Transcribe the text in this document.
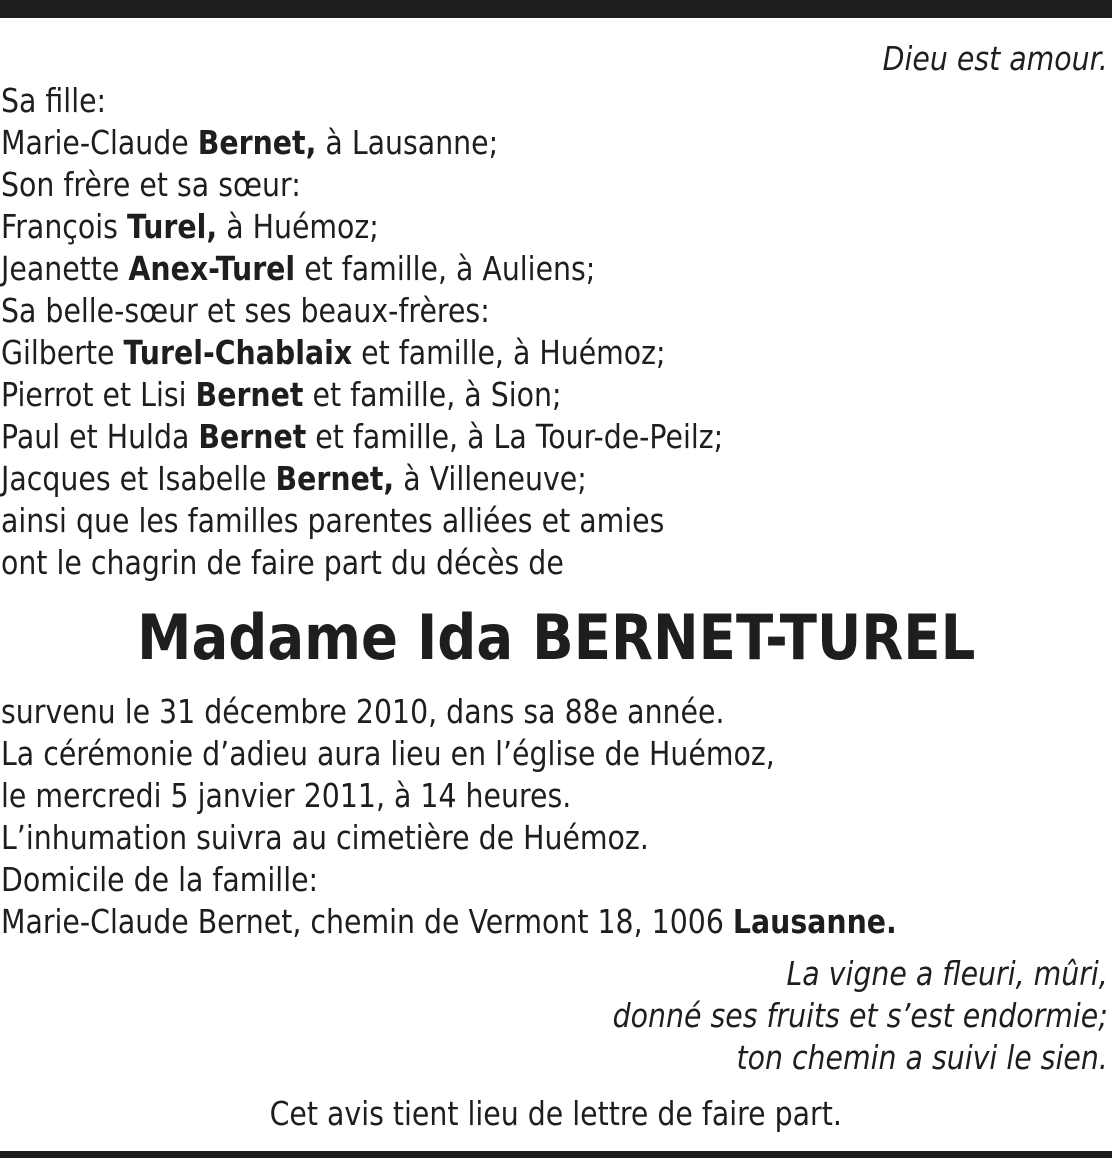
Dieu est amour.
Sa fille:
Marie-Claude Bernet, à Lausanne;
Son frère et sa sœur:
François Turel, à Huémoz;
Jeanette Anex-Turel et famille, à Auliens;
Sa belle-sœur et ses beaux-frères:
Gilberte Turel-Chablaix et famille, à Huémoz;
Pierrot et Lisi Bernet et famille, à Sion;
Paul et Hulda Bernet et famille, à La Tour-de-Peilz;
Jacques et Isabelle Bernet, à Villeneuve;
ainsi que les familles parentes alliées et amies
ont le chagrin de faire part du décès de
Madame Ida BERNET-TUREL
survenu le 31 décembre 2010, dans sa 88e année.
La cérémonie d’adieu aura lieu en l’église de Huémoz,
le mercredi 5 janvier 2011, à 14 heures.
L’inhumation suivra au cimetière de Huémoz.
Domicile de la famille:
Marie-Claude Bernet, chemin de Vermont 18, 1006 Lausanne.
La vigne a fleuri, mûri,
donné ses fruits et s’est endormie;
ton chemin a suivi le sien.
Cet avis tient lieu de lettre de faire part.
